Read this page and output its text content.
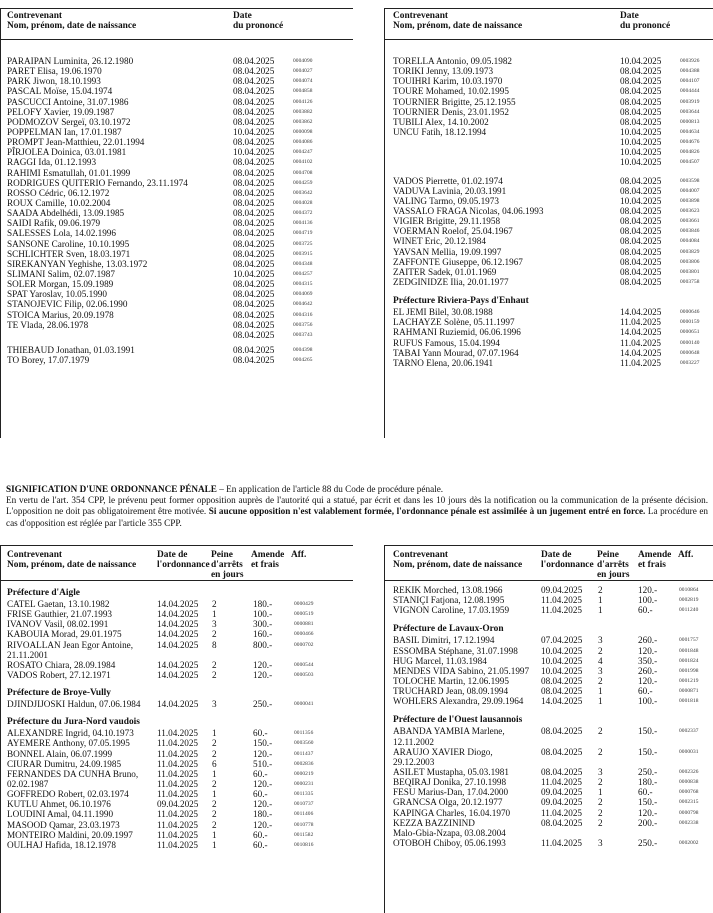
Contrevenant
Nom, prénom, date de naissance
Date
du prononcé
PARAIPAN Luminita, 26.12.1980	08.04.2025	0004090
PARET Elisa, 19.06.1970	08.04.2025	0004027
PARK Jiwon, 18.10.1993	08.04.2025	0004074
PASCAL Moïse, 15.04.1974	08.04.2025	0004858
PASCUCCI Antoine, 31.07.1986	08.04.2025	0004126
PELOFY Xavier, 19.09.1987	08.04.2025	0003882
PODMOZOV Sergeï, 03.10.1972	08.04.2025	0003862
POPPELMAN Ian, 17.01.1987	10.04.2025	0000098
PROMPT Jean-Matthieu, 22.01.1994	08.04.2025	0004086
PÎRJOLEA Doinica, 03.01.1981	10.04.2025	0004247
RAGGI Ida, 01.12.1993	08.04.2025	0004102
RAHIMI Esmatullah, 01.01.1999	08.04.2025	0004708
RODRIGUES QUITERIO Fernando, 23.11.1974	08.04.2025	0004259
ROSSO Cédric, 06.12.1972	08.04.2025	0003642
ROUX Camille, 10.02.2004	08.04.2025	0004028
SAADA Abdelhédi, 13.09.1985	08.04.2025	0004372
SAIDI Rafik, 09.06.1979	08.04.2025	0004136
SALESSES Lola, 14.02.1996	08.04.2025	0004719
SANSONE Caroline, 10.10.1995	08.04.2025	0003725
SCHLICHTER Sven, 18.03.1971	08.04.2025	0003915
SIREKANYAN Yeghishe, 13.03.1972	08.04.2025	0004348
SLIMANI Salim, 02.07.1987	10.04.2025	0004257
SOLER Morgan, 15.09.1989	08.04.2025	0004315
SPAT Yaroslav, 10.05.1990	08.04.2025	0004069
STANOJEVIC Filip, 02.06.1990	08.04.2025	0004642
STOICA Marius, 20.09.1978	08.04.2025	0004316
TE Vlada, 28.06.1978	08.04.2025	0003756
08.04.2025	0003743
THIEBAUD Jonathan, 01.03.1991	08.04.2025	0004398
TO Borey, 17.07.1979	08.04.2025	0004265
Contrevenant
Nom, prénom, date de naissance
Date
du prononcé
TORELLA Antonio, 09.05.1982	10.04.2025	0003926
TORIKI Jenny, 13.09.1973	08.04.2025	0004388
TOUIHRI Karim, 10.03.1970	08.04.2025	0004107
TOURE Mohamed, 10.02.1995	08.04.2025	0004444
TOURNIER Brigitte, 25.12.1955	08.04.2025	0003919
TOURNIER Denis, 23.01.1952	08.04.2025	0003644
TUBILI Alex, 14.10.2002	08.04.2025	0000813
UNCU Fatih, 18.12.1994	10.04.2025	0004634
10.04.2025	0004676
10.04.2025	0004826
10.04.2025	0004507
VADOS Pierrette, 01.02.1974	08.04.2025	0003598
VADUVA Lavinia, 20.03.1991	08.04.2025	0004007
VALING Tarmo, 09.05.1973	10.04.2025	0003898
VASSALO FRAGA Nicolas, 04.06.1993	08.04.2025	0003623
VIGIER Brigitte, 29.11.1958	08.04.2025	0003661
VOERMAN Roelof, 25.04.1967	08.04.2025	0003846
WINET Eric, 20.12.1984	08.04.2025	0004084
YAVSAN Mellia, 19.09.1997	08.04.2025	0003829
ZAFFONTE Giuseppe, 06.12.1967	08.04.2025	0003806
ZAITER Sadek, 01.01.1969	08.04.2025	0003801
ZEDGINIDZE Ilia, 20.01.1977	08.04.2025	0003758
Préfecture Riviera-Pays d'Enhaut
EL JEMI Bilel, 30.08.1988	14.04.2025	0000646
LACHAYZE Solène, 05.11.1997	11.04.2025	0000159
RAHMANI Ruziemid, 06.06.1996	14.04.2025	0000651
RUFUS Famous, 15.04.1994	11.04.2025	0000140
TABAI Yann Mourad, 07.07.1964	14.04.2025	0000648
TARNO Elena, 20.06.1941	11.04.2025	0003227
SIGNIFICATION D'UNE ORDONNANCE PÉNALE – En application de l'article 88 du Code de procédure pénale.
En vertu de l'art. 354 CPP, le prévenu peut former opposition auprès de l'autorité qui a statué, par écrit et dans les 10 jours dès la notification ou la communication de la présente décision. L'opposition ne doit pas obligatoirement être motivée. Si aucune opposition n'est valablement formée, l'ordonnance pénale est assimilée à un jugement entré en force. La procédure en cas d'opposition est réglée par l'article 355 CPP.
Contrevenant
Nom, prénom, date de naissance
Date de
l'ordonnance
Peine
d'arrêts
en jours
Amende
et frais
Aff.
Préfecture d'Aigle
CATEL Gaetan, 13.10.1982	14.04.2025 2	180.-	0000429
FRISE Gauthier, 21.07.1993	14.04.2025 1	100.-	0000519
IVANOV Vasil, 08.02.1991	14.04.2025 3	300.-	0000881
KABOUIA Morad, 29.01.1975	14.04.2025 2	160.-	0000466
RIVOALLAN Jean Egor Antoine,	14.04.2025 8	800.-	0000702
21.11.2001
ROSATO Chiara, 28.09.1984	14.04.2025 2	120.-	0000544
VADOS Robert, 27.12.1971	14.04.2025 2	120.-	0000503
Préfecture de Broye-Vully
DJINDJIJOSKI Haldun, 07.06.1984 14.04.2025 3	250.-	0000041
Préfecture du Jura-Nord vaudois
ALEXANDRE Ingrid, 04.10.1973	11.04.2025 1	60.-	0011356
AYEMERE Anthony, 07.05.1995	11.04.2025 2	150.-	0003560
BONNEL Alain, 06.07.1999	11.04.2025 2	120.-	0011437
CIURAR Dumitru, 24.09.1985	11.04.2025 6	510.-	0002836
FERNANDES DA CUNHA Bruno, 11.04.2025 1	60.-	0000219
02.02.1987	11.04.2025 2	120.-	0000231
GOFFREDO Robert, 02.03.1974	11.04.2025 1	60.-	0011335
KUTLU Ahmet, 06.10.1976	09.04.2025 2	120.-	0010737
LOUDINI Amal, 04.11.1990	11.04.2025 2	180.-	0011406
MASOOD Qamar, 23.03.1973	11.04.2025 2	120.-	0010778
MONTEIRO Maldini, 20.09.1997	11.04.2025 1	60.-	0011582
OULHAJ Hafida, 18.12.1978	11.04.2025 1	60.-	0010816
Contrevenant
Nom, prénom, date de naissance
Date de
l'ordonnance
Peine
d'arrêts
en jours
Amende
et frais
Aff.
REKIK Morched, 13.08.1966	09.04.2025 2	120.-	0010864
STANIÇI Fatjona, 12.08.1995	11.04.2025 1	100.-	0002819
VIGNON Caroline, 17.03.1959	11.04.2025 1	60.-	0011240
Préfecture de Lavaux-Oron
BASIL Dimitri, 17.12.1994	07.04.2025 3	260.-	0001757
ESSOMBA Stéphane, 31.07.1998	10.04.2025 2	120.-	0001848
HUG Marcel, 11.03.1984	10.04.2025 4	350.-	0001824
MENDES VIDA Sabino, 21.05.1997 10.04.2025 3	260.-	0001998
TOLOCHE Martin, 12.06.1995	08.04.2025 2	120.-	0001219
TRUCHARD Jean, 08.09.1994	08.04.2025 1	60.-	0000871
WOHLERS Alexandra, 29.09.1964 14.04.2025 1	100.-	0001818
Préfecture de l'Ouest lausannois
ABANDA YAMBIA Marlene,	08.04.2025 2	150.-	0002337
12.11.2002
ARAUJO XAVIER Diogo,	08.04.2025 2	150.-	0000031
29.12.2003
ASILET Mustapha, 05.03.1981	08.04.2025 3	250.-	0002326
BEQIRAJ Donika, 27.10.1998	11.04.2025 2	180.-	0000838
FESU Marius-Dan, 17.04.2000	09.04.2025 1	60.-	0000768
GRANCSA Olga, 20.12.1977	09.04.2025 2	150.-	0002315
KAPINGA Charles, 16.04.1970	11.04.2025 2	120.-	0000798
KEZZA BAZZININD	08.04.2025 2	200.-	0002338
Malo-Gbia-Nzapa, 03.08.2004
OTOBOH Chiboy, 05.06.1993	11.04.2025 3	250.-	0002002
